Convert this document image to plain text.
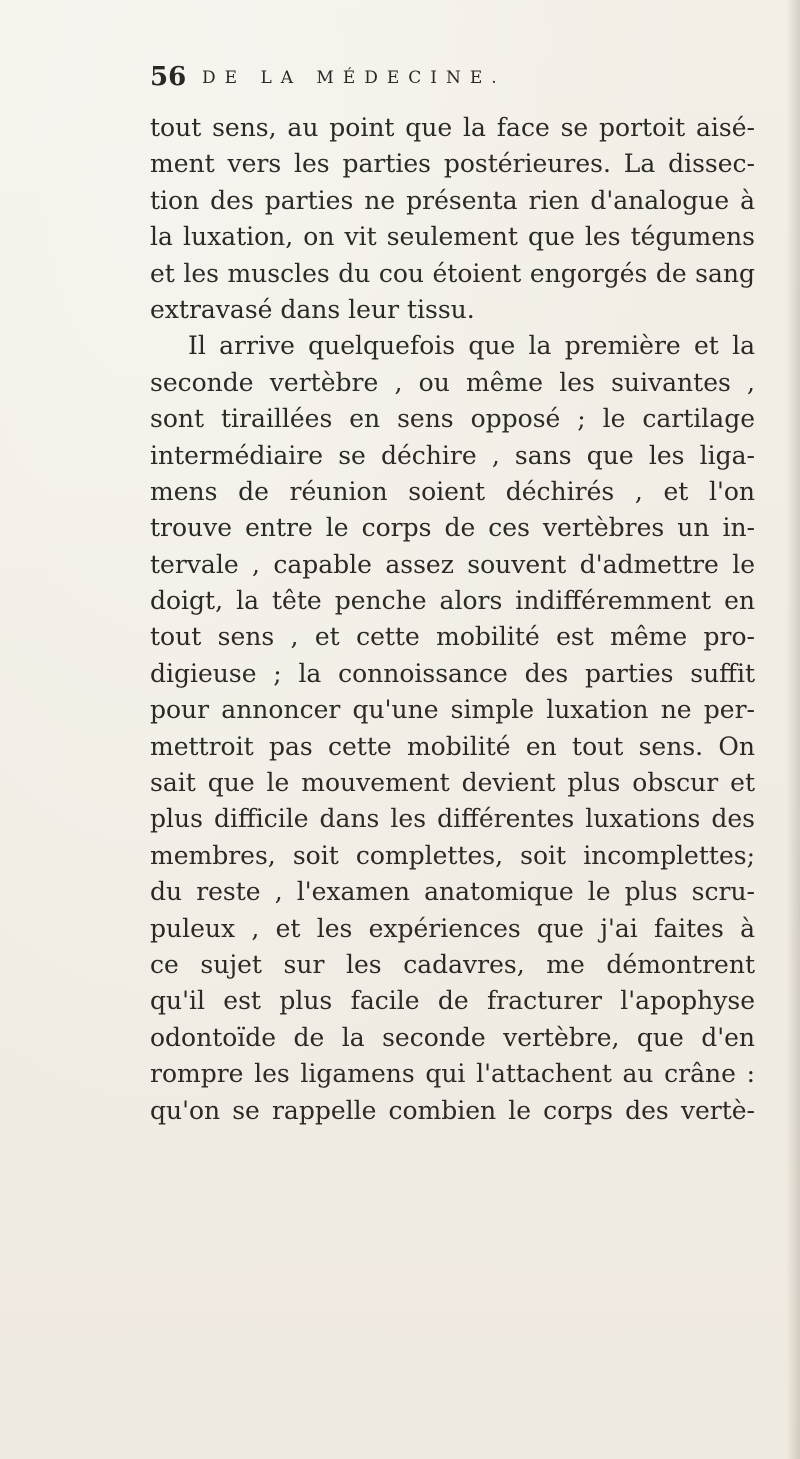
56 DE LA MÉDECINE.
tout sens, au point que la face se portoit aisé-
ment vers les parties postérieures. La dissec-
tion des parties ne présenta rien d'analogue à
la luxation, on vit seulement que les tégumens
et les muscles du cou étoient engorgés de sang
extravasé dans leur tissu.
Il arrive quelquefois que la première et la
seconde vertèbre , ou même les suivantes ,
sont tiraillées en sens opposé ; le cartilage
intermédiaire se déchire , sans que les liga-
mens de réunion soient déchirés , et l'on
trouve entre le corps de ces vertèbres un in-
tervale , capable assez souvent d'admettre le
doigt, la tête penche alors indifféremment en
tout sens , et cette mobilité est même pro-
digieuse ; la connoissance des parties suffit
pour annoncer qu'une simple luxation ne per-
mettroit pas cette mobilité en tout sens. On
sait que le mouvement devient plus obscur et
plus difficile dans les différentes luxations des
membres, soit complettes, soit incomplettes;
du reste , l'examen anatomique le plus scru-
puleux , et les expériences que j'ai faites à
ce sujet sur les cadavres, me démontrent
qu'il est plus facile de fracturer l'apophyse
odontoïde de la seconde vertèbre, que d'en
rompre les ligamens qui l'attachent au crâne :
qu'on se rappelle combien le corps des vertè-
